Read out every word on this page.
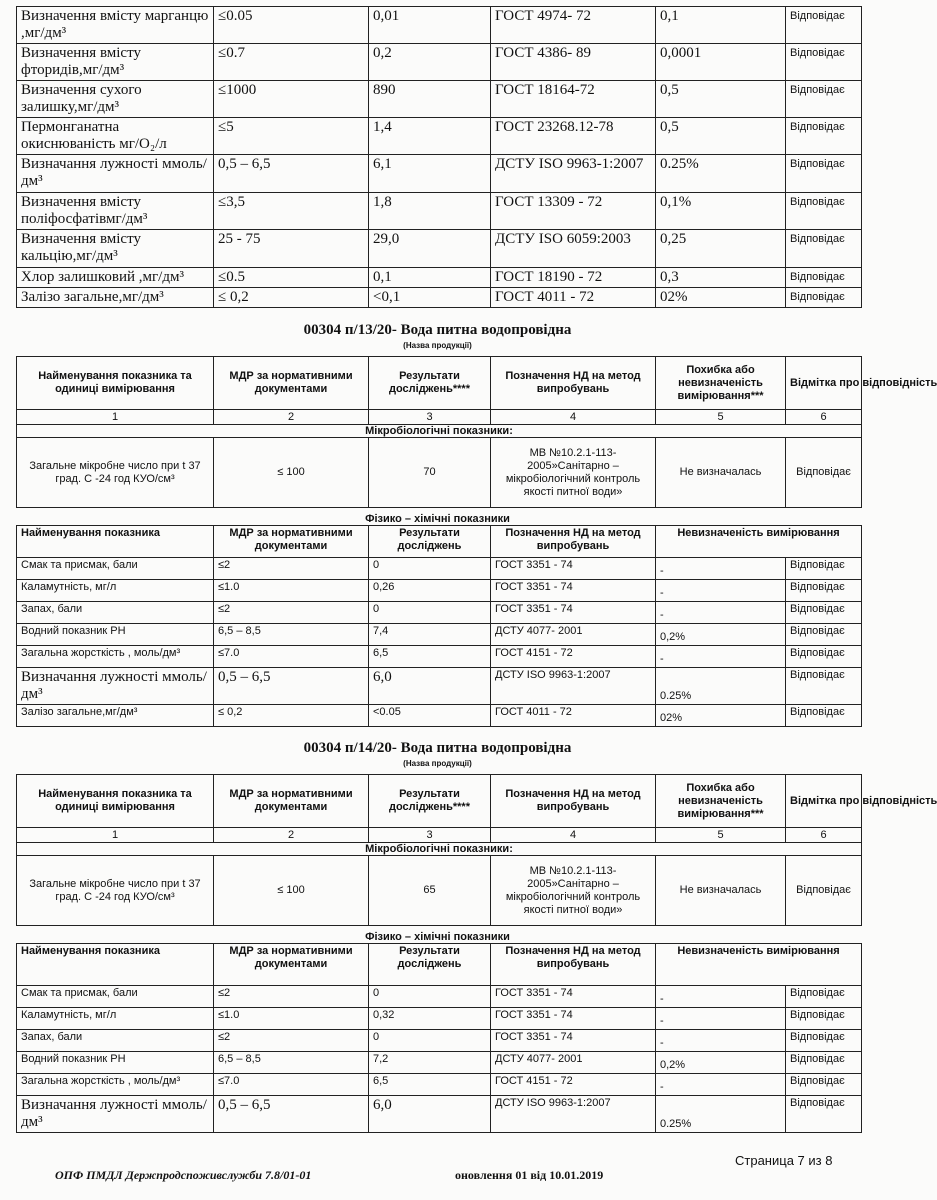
Визначення вмісту марганцю ,мг/дм³	≤0.05	0,01	ГОСТ 4974- 72	0,1	Відповідає
Визначення вмісту фторидів,мг/дм³	≤0.7	0,2	ГОСТ 4386- 89	0,0001	Відповідає
Визначення сухого залишку,мг/дм³	≤1000	890	ГОСТ 18164-72	0,5	Відповідає
Пермонганатна окиснюваність мг/О₂/л	≤5	1,4	ГОСТ 23268.12-78	0,5	Відповідає
Визначання лужності ммоль/дм³	0,5 – 6,5	6,1	ДСТУ ISO 9963-1:2007	0.25%	Відповідає
Визначення вмісту поліфосфатівмг/дм³	≤3,5	1,8	ГОСТ 13309 - 72	0,1%	Відповідає
Визначення вмісту кальцію,мг/дм³	25 - 75	29,0	ДСТУ ISO 6059:2003	0,25	Відповідає
Хлор залишковий ,мг/дм³	≤0.5	0,1	ГОСТ 18190 - 72	0,3	Відповідає
Залізо загальне,мг/дм³	≤ 0,2	<0,1	ГОСТ 4011 - 72	02%	Відповідає
00304 п/13/20- Вода питна водопровідна
(Назва продукції)
Найменування показника та одиниці вимірювання	МДР за нормативними документами	Результати досліджень****	Позначення НД на метод випробувань	Похибка або невизначеність вимірювання***	Відмітка про відповідність
1	2	3	4	5	6
Мікробіологічні показники:					
Загальне мікробне число при t 37 град. С -24 год КУО/см³	≤ 100	70	МВ №10.2.1-113-2005»Санітарно – мікробіологічний контроль якості питної води»	Не визначалась	Відповідає
Фізико – хімічні показники
Найменування показника	МДР за нормативними документами	Результати досліджень	Позначення НД на метод випробувань	Невизначеність вимірювання	
Смак та присмак, бали	≤2	0	ГОСТ 3351 - 74	-	Відповідає
Каламутність, мг/л	≤1.0	0,26	ГОСТ 3351 - 74	-	Відповідає
Запах, бали	≤2	0	ГОСТ 3351 - 74	-	Відповідає
Водний показник РН	6,5 – 8,5	7,4	ДСТУ 4077- 2001	0,2%	Відповідає
Загальна жорсткість , моль/дм³	≤7.0	6,5	ГОСТ 4151 - 72	-	Відповідає
Визначання лужності ммоль/дм³	0,5 – 6,5	6,0	ДСТУ ISO 9963-1:2007	0.25%	Відповідає
Залізо загальне,мг/дм³	≤ 0,2	<0.05	ГОСТ 4011 - 72	02%	Відповідає
00304 п/14/20- Вода питна водопровідна
(Назва продукції)
Найменування показника та одиниці вимірювання	МДР за нормативними документами	Результати досліджень****	Позначення НД на метод випробувань	Похибка або невизначеність вимірювання***	Відмітка про відповідність
1	2	3	4	5	6
Мікробіологічні показники:					
Загальне мікробне число при t 37 град. С -24 год КУО/см³	≤ 100	65	МВ №10.2.1-113-2005»Санітарно – мікробіологічний контроль якості питної води»	Не визначалась	Відповідає
Фізико – хімічні показники
Найменування показника	МДР за нормативними документами	Результати досліджень	Позначення НД на метод випробувань	Невизначеність вимірювання	
Смак та присмак, бали	≤2	0	ГОСТ 3351 - 74	-	Відповідає
Каламутність, мг/л	≤1.0	0,32	ГОСТ 3351 - 74	-	Відповідає
Запах, бали	≤2	0	ГОСТ 3351 - 74	-	Відповідає
Водний показник РН	6,5 – 8,5	7,2	ДСТУ 4077- 2001	0,2%	Відповідає
Загальна жорсткість , моль/дм³	≤7.0	6,5	ГОСТ 4151 - 72	-	Відповідає
Визначання лужності ммоль/дм³	0,5 – 6,5	6,0	ДСТУ ISO 9963-1:2007	0.25%	Відповідає
ОПФ ПМДЛ Держпродспоживслужби 7.8/01-01	оновлення 01 від 10.01.2019
Страница 7 из 8
